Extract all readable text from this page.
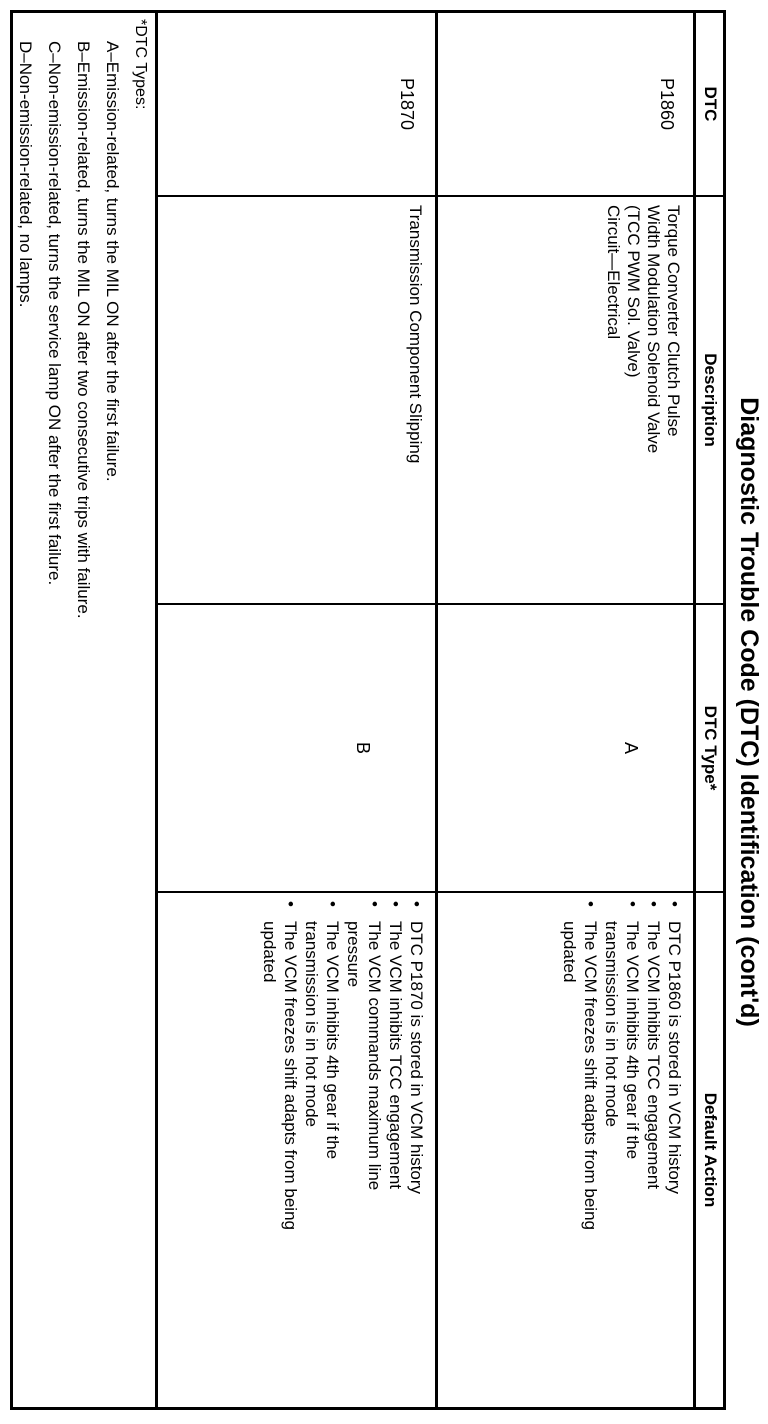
Diagnostic Trouble Code (DTC) Identification (cont'd)
DTC
Description
DTC Type*
Default Action
P1860
Torque Converter Clutch Pulse
Width Modulation Solenoid Valve
(TCC PWM Sol. Valve)
Circuit—Electrical
A
•
DTC P1860 is stored in VCM history
•
The VCM inhibits TCC engagement
•
The VCM inhibits 4th gear if the
transmission is in hot mode
•
The VCM freezes shift adapts from being
updated
P1870
Transmission Component Slipping
B
•
DTC P1870 is stored in VCM history
•
The VCM inhibits TCC engagement
•
The VCM commands maximum line
pressure
•
The VCM inhibits 4th gear if the
transmission is in hot mode
•
The VCM freezes shift adapts from being
updated
*DTC Types:
A–Emission-related, turns the MIL ON after the first failure.
B–Emission-related, turns the MIL ON after two consecutive trips with failure.
C–Non-emission-related, turns the service lamp ON after the first failure.
D–Non-emission-related, no lamps.
